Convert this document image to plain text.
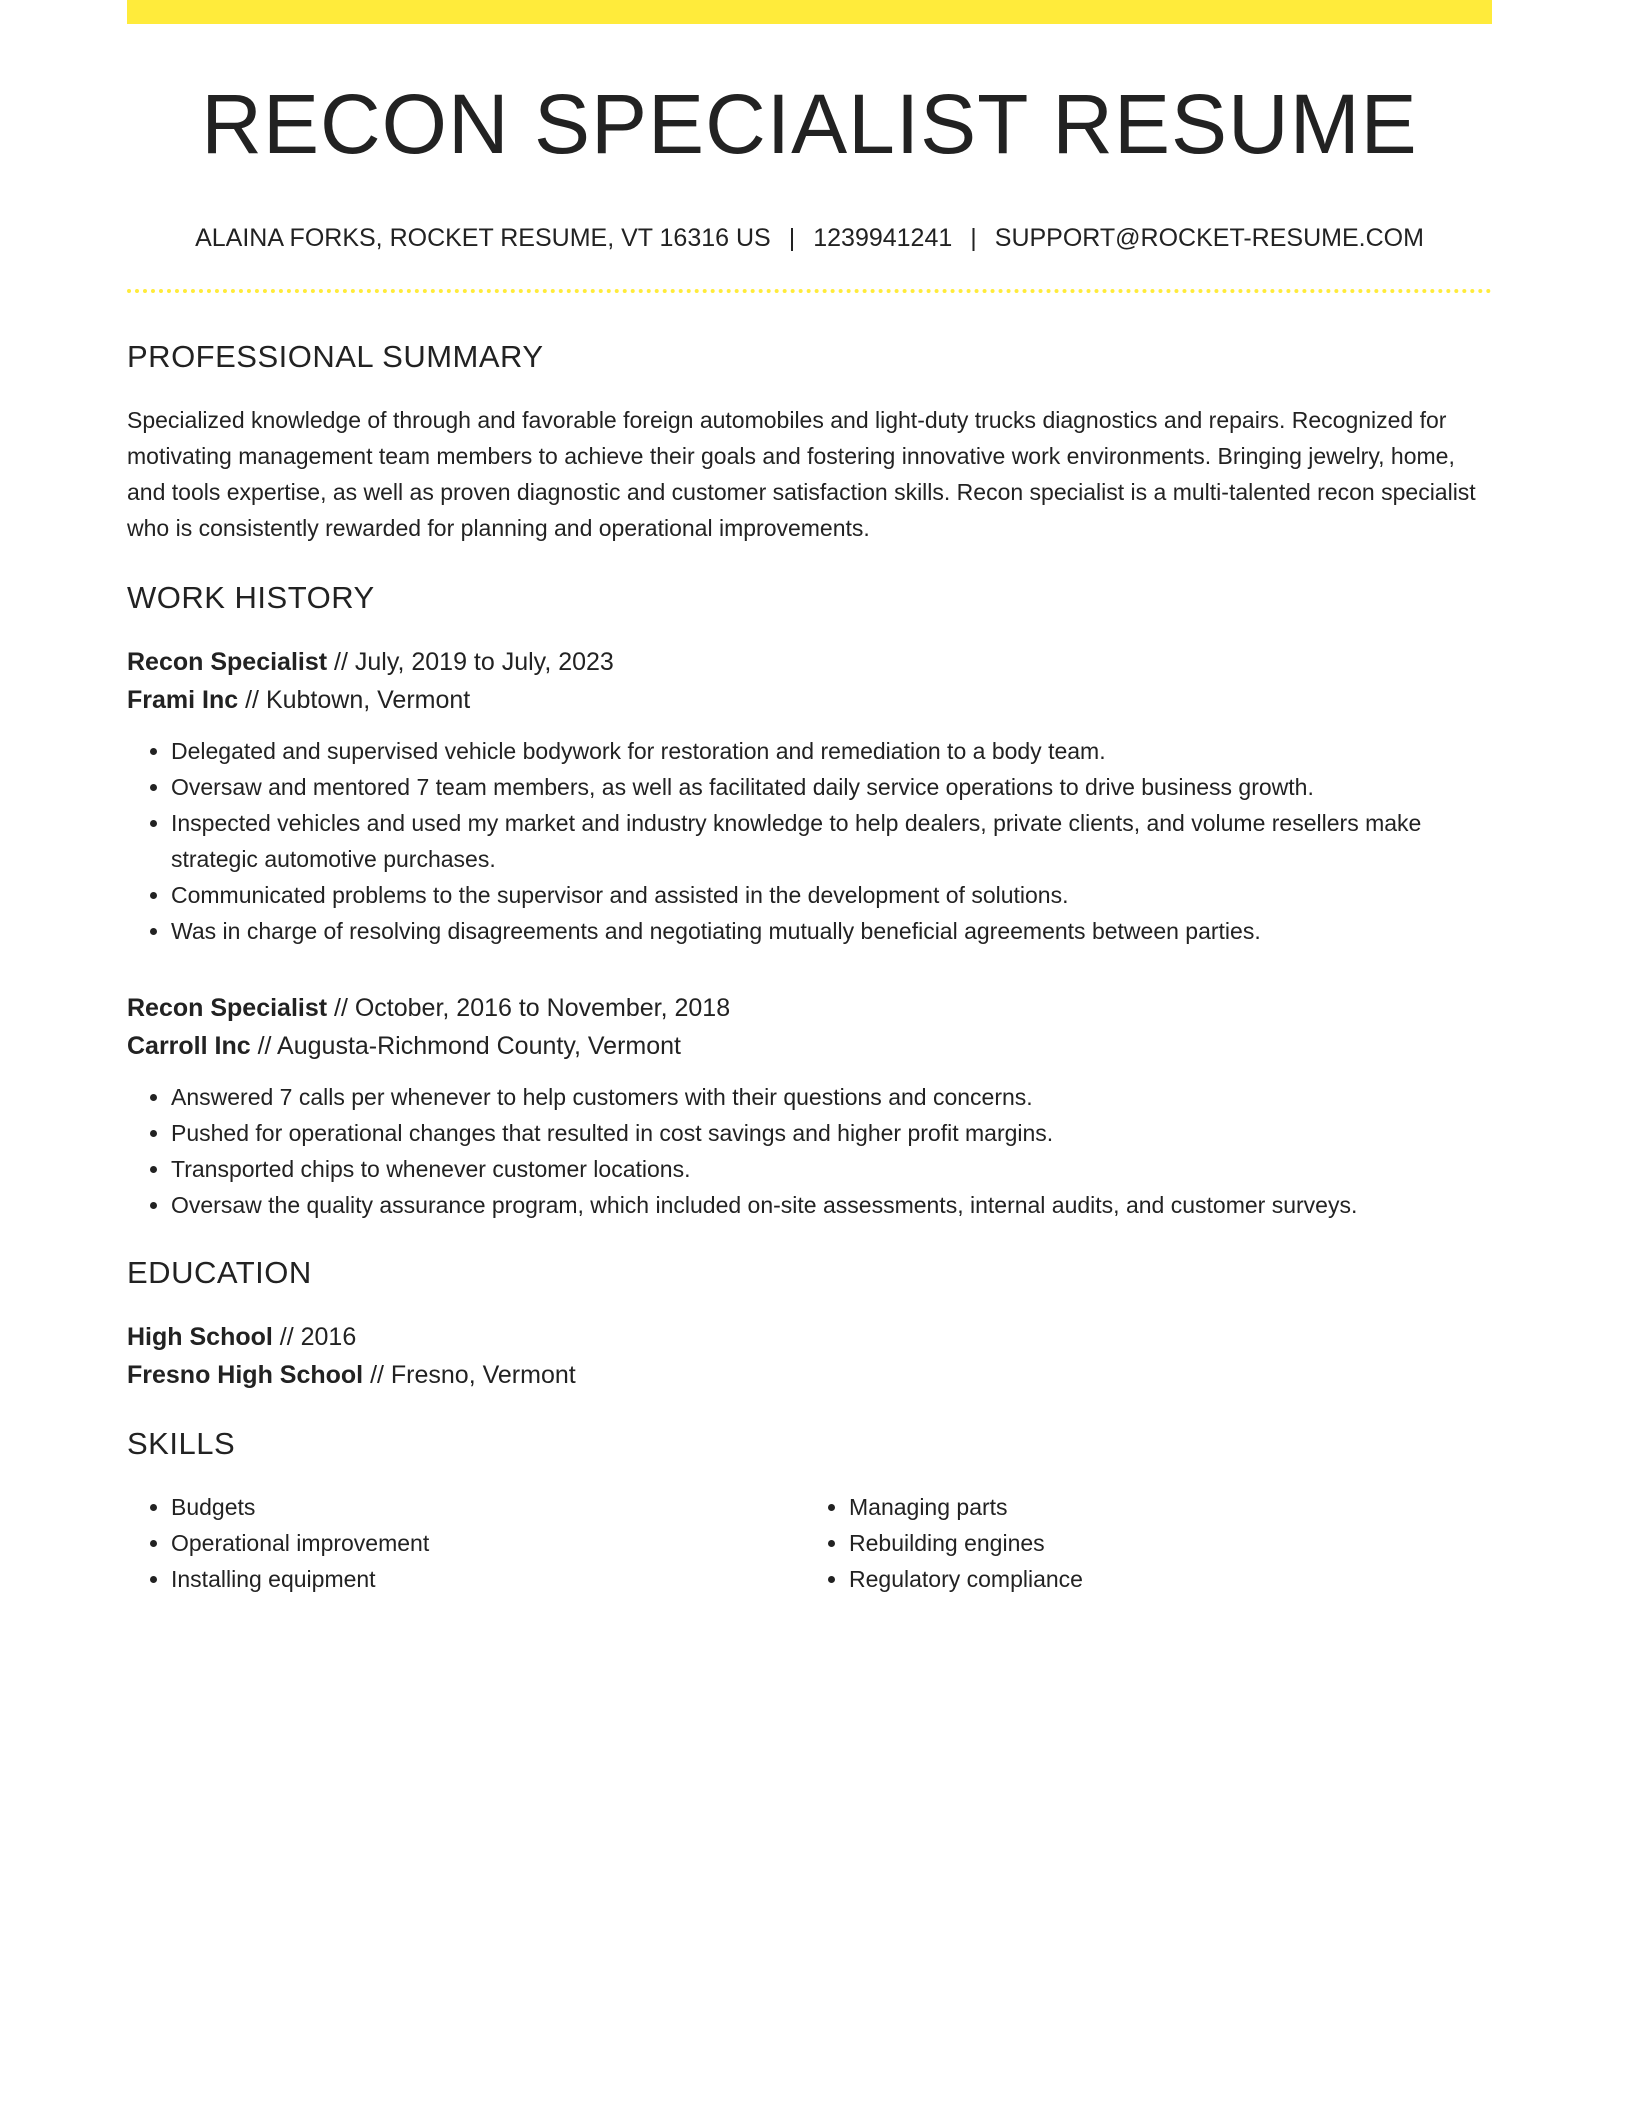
RECON SPECIALIST RESUME
ALAINA FORKS, ROCKET RESUME, VT 16316 US | 1239941241 | SUPPORT@ROCKET-RESUME.COM
PROFESSIONAL SUMMARY

Specialized knowledge of through and favorable foreign automobiles and light-duty trucks diagnostics and repairs. Recognized for motivating management team members to achieve their goals and fostering innovative work environments. Bringing jewelry, home, and tools expertise, as well as proven diagnostic and customer satisfaction skills. Recon specialist is a multi-talented recon specialist who is consistently rewarded for planning and operational improvements.

WORK HISTORY
Recon Specialist // July, 2019 to July, 2023
Frami Inc // Kubtown, Vermont
• Delegated and supervised vehicle bodywork for restoration and remediation to a body team.
• Oversaw and mentored 7 team members, as well as facilitated daily service operations to drive business growth.
• Inspected vehicles and used my market and industry knowledge to help dealers, private clients, and volume resellers make strategic automotive purchases.
• Communicated problems to the supervisor and assisted in the development of solutions.
• Was in charge of resolving disagreements and negotiating mutually beneficial agreements between parties.
Recon Specialist // October, 2016 to November, 2018
Carroll Inc // Augusta-Richmond County, Vermont
• Answered 7 calls per whenever to help customers with their questions and concerns.
• Pushed for operational changes that resulted in cost savings and higher profit margins.
• Transported chips to whenever customer locations.
• Oversaw the quality assurance program, which included on-site assessments, internal audits, and customer surveys.
EDUCATION
High School // 2016
Fresno High School // Fresno, Vermont
SKILLS
• Budgets
• Operational improvement
• Installing equipment
• Managing parts
• Rebuilding engines
• Regulatory compliance
